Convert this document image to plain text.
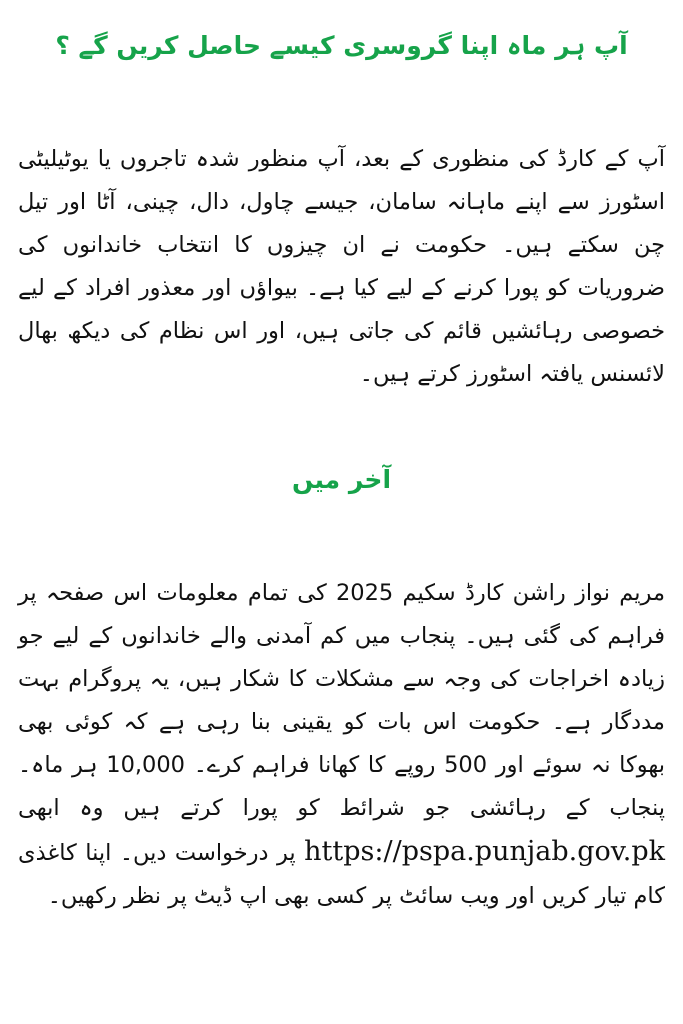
آپ ہر ماہ اپنا گروسری کیسے حاصل کریں گے ؟

آپ کے کارڈ کی منظوری کے بعد، آپ منظور شدہ تاجروں یا یوٹیلیٹی اسٹورز سے اپنے ماہانہ سامان، جیسے چاول، دال، چینی، آٹا اور تیل چن سکتے ہیں۔ حکومت نے ان چیزوں کا انتخاب خاندانوں کی ضروریات کو پورا کرنے کے لیے کیا ہے۔ بیواؤں اور معذور افراد کے لیے خصوصی رہائشیں قائم کی جاتی ہیں، اور اس نظام کی دیکھ بھال لائسنس یافتہ اسٹورز کرتے ہیں۔

آخر میں

مریم نواز راشن کارڈ سکیم 2025 کی تمام معلومات اس صفحہ پر فراہم کی گئی ہیں۔ پنجاب میں کم آمدنی والے خاندانوں کے لیے جو زیادہ اخراجات کی وجہ سے مشکلات کا شکار ہیں، یہ پروگرام بہت مددگار ہے۔ حکومت اس بات کو یقینی بنا رہی ہے کہ کوئی بھی بھوکا نہ سوئے اور 500 روپے کا کھانا فراہم کرے۔ 10,000 ہر ماہ۔ پنجاب کے رہائشی جو شرائط کو پورا کرتے ہیں وہ ابھی https://pspa.punjab.gov.pk پر درخواست دیں۔ اپنا کاغذی کام تیار کریں اور ویب سائٹ پر کسی بھی اپ ڈیٹ پر نظر رکھیں۔
